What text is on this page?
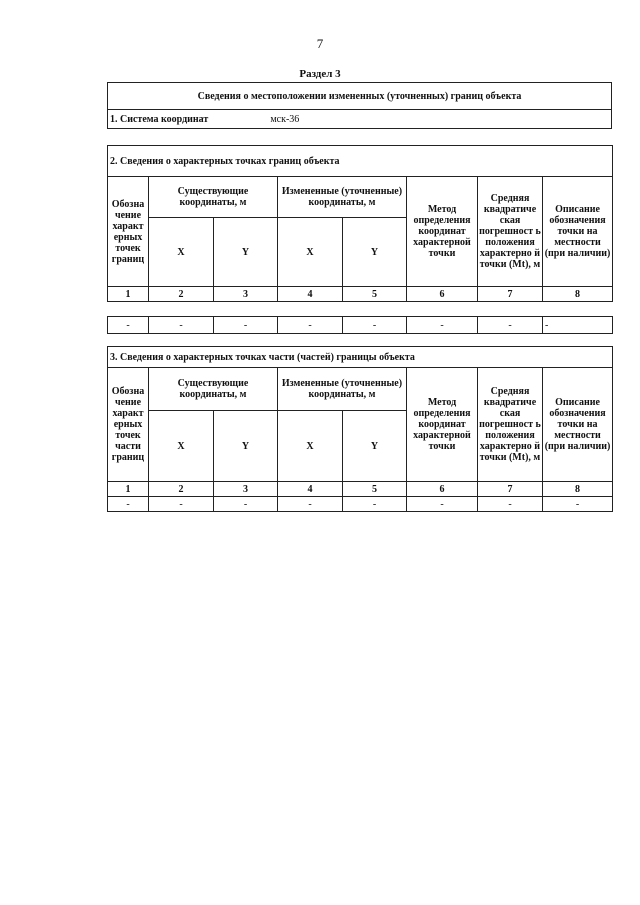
7
Раздел 3
Сведения о местоположении измененных (уточненных) границ объекта
1. Система координат	мск-36
2. Сведения о характерных точках границ объекта							
Обозна чение характ ерных точек границ	Существующие координаты, м		Измененные (уточненные) координаты, м		Метод определения координат характерной точки	Средняя квадратиче ская погрешност ь положения характерно й точки (Mt), м	Описание обозначения точки на местности (при наличии)
	X	Y	X	Y			
1	2	3	4	5	6	7	8
-	-	-	-	-	-	-	-
3. Сведения о характерных точках части (частей) границы объекта							
Обозна чение характ ерных точек части границ	Существующие координаты, м		Измененные (уточненные) координаты, м		Метод определения координат характерной точки	Средняя квадратиче ская погрешност ь положения характерно й точки (Mt), м	Описание обозначения точки на местности (при наличии)
	X	Y	X	Y			
1	2	3	4	5	6	7	8
-	-	-	-	-	-	-	-
